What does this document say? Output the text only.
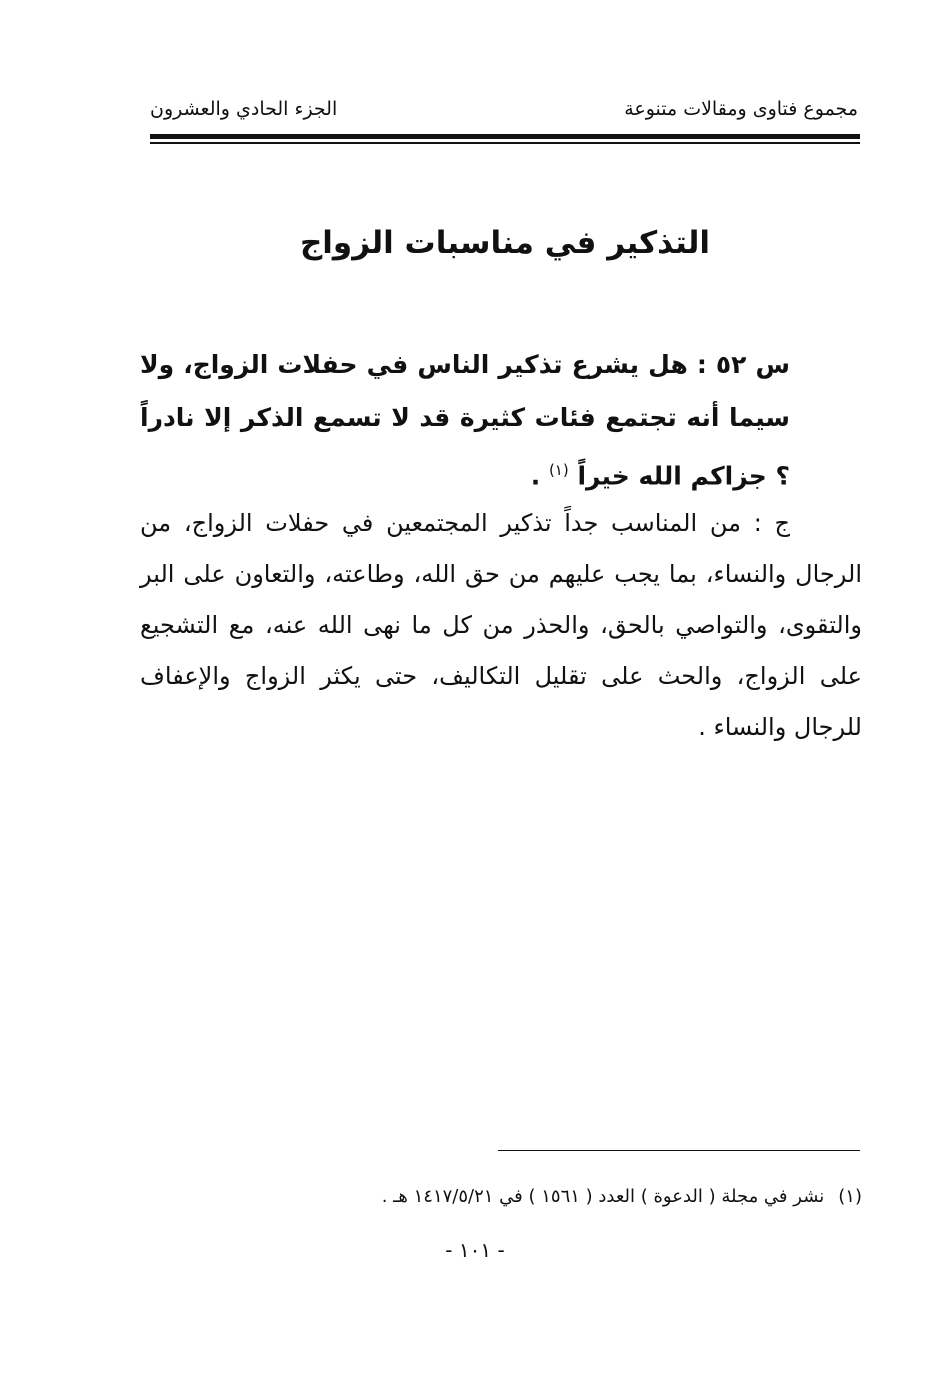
مجموع فتاوى ومقالات متنوعة
الجزء الحادي والعشرون
التذكير في مناسبات الزواج
س ٥٢ : هل يشرع تذكير الناس في حفلات الزواج، ولا سيما أنه تجتمع فئات كثيرة قد لا تسمع الذكر إلا نادراً ؟ جزاكم الله خيراً $^{(١)}$ .
ج : من المناسب جداً تذكير المجتمعين في حفلات الزواج، من الرجال والنساء، بما يجب عليهم من حق الله، وطاعته، والتعاون على البر والتقوى، والتواصي بالحق، والحذر من كل ما نهى الله عنه، مع التشجيع على الزواج، والحث على تقليل التكاليف، حتى يكثر الزواج والإعفاف للرجال والنساء .
(١)نشر في مجلة ( الدعوة ) العدد ( ١٥٦١ ) في ١٤١٧/٥/٢١ هـ .
- ١٠١ -
